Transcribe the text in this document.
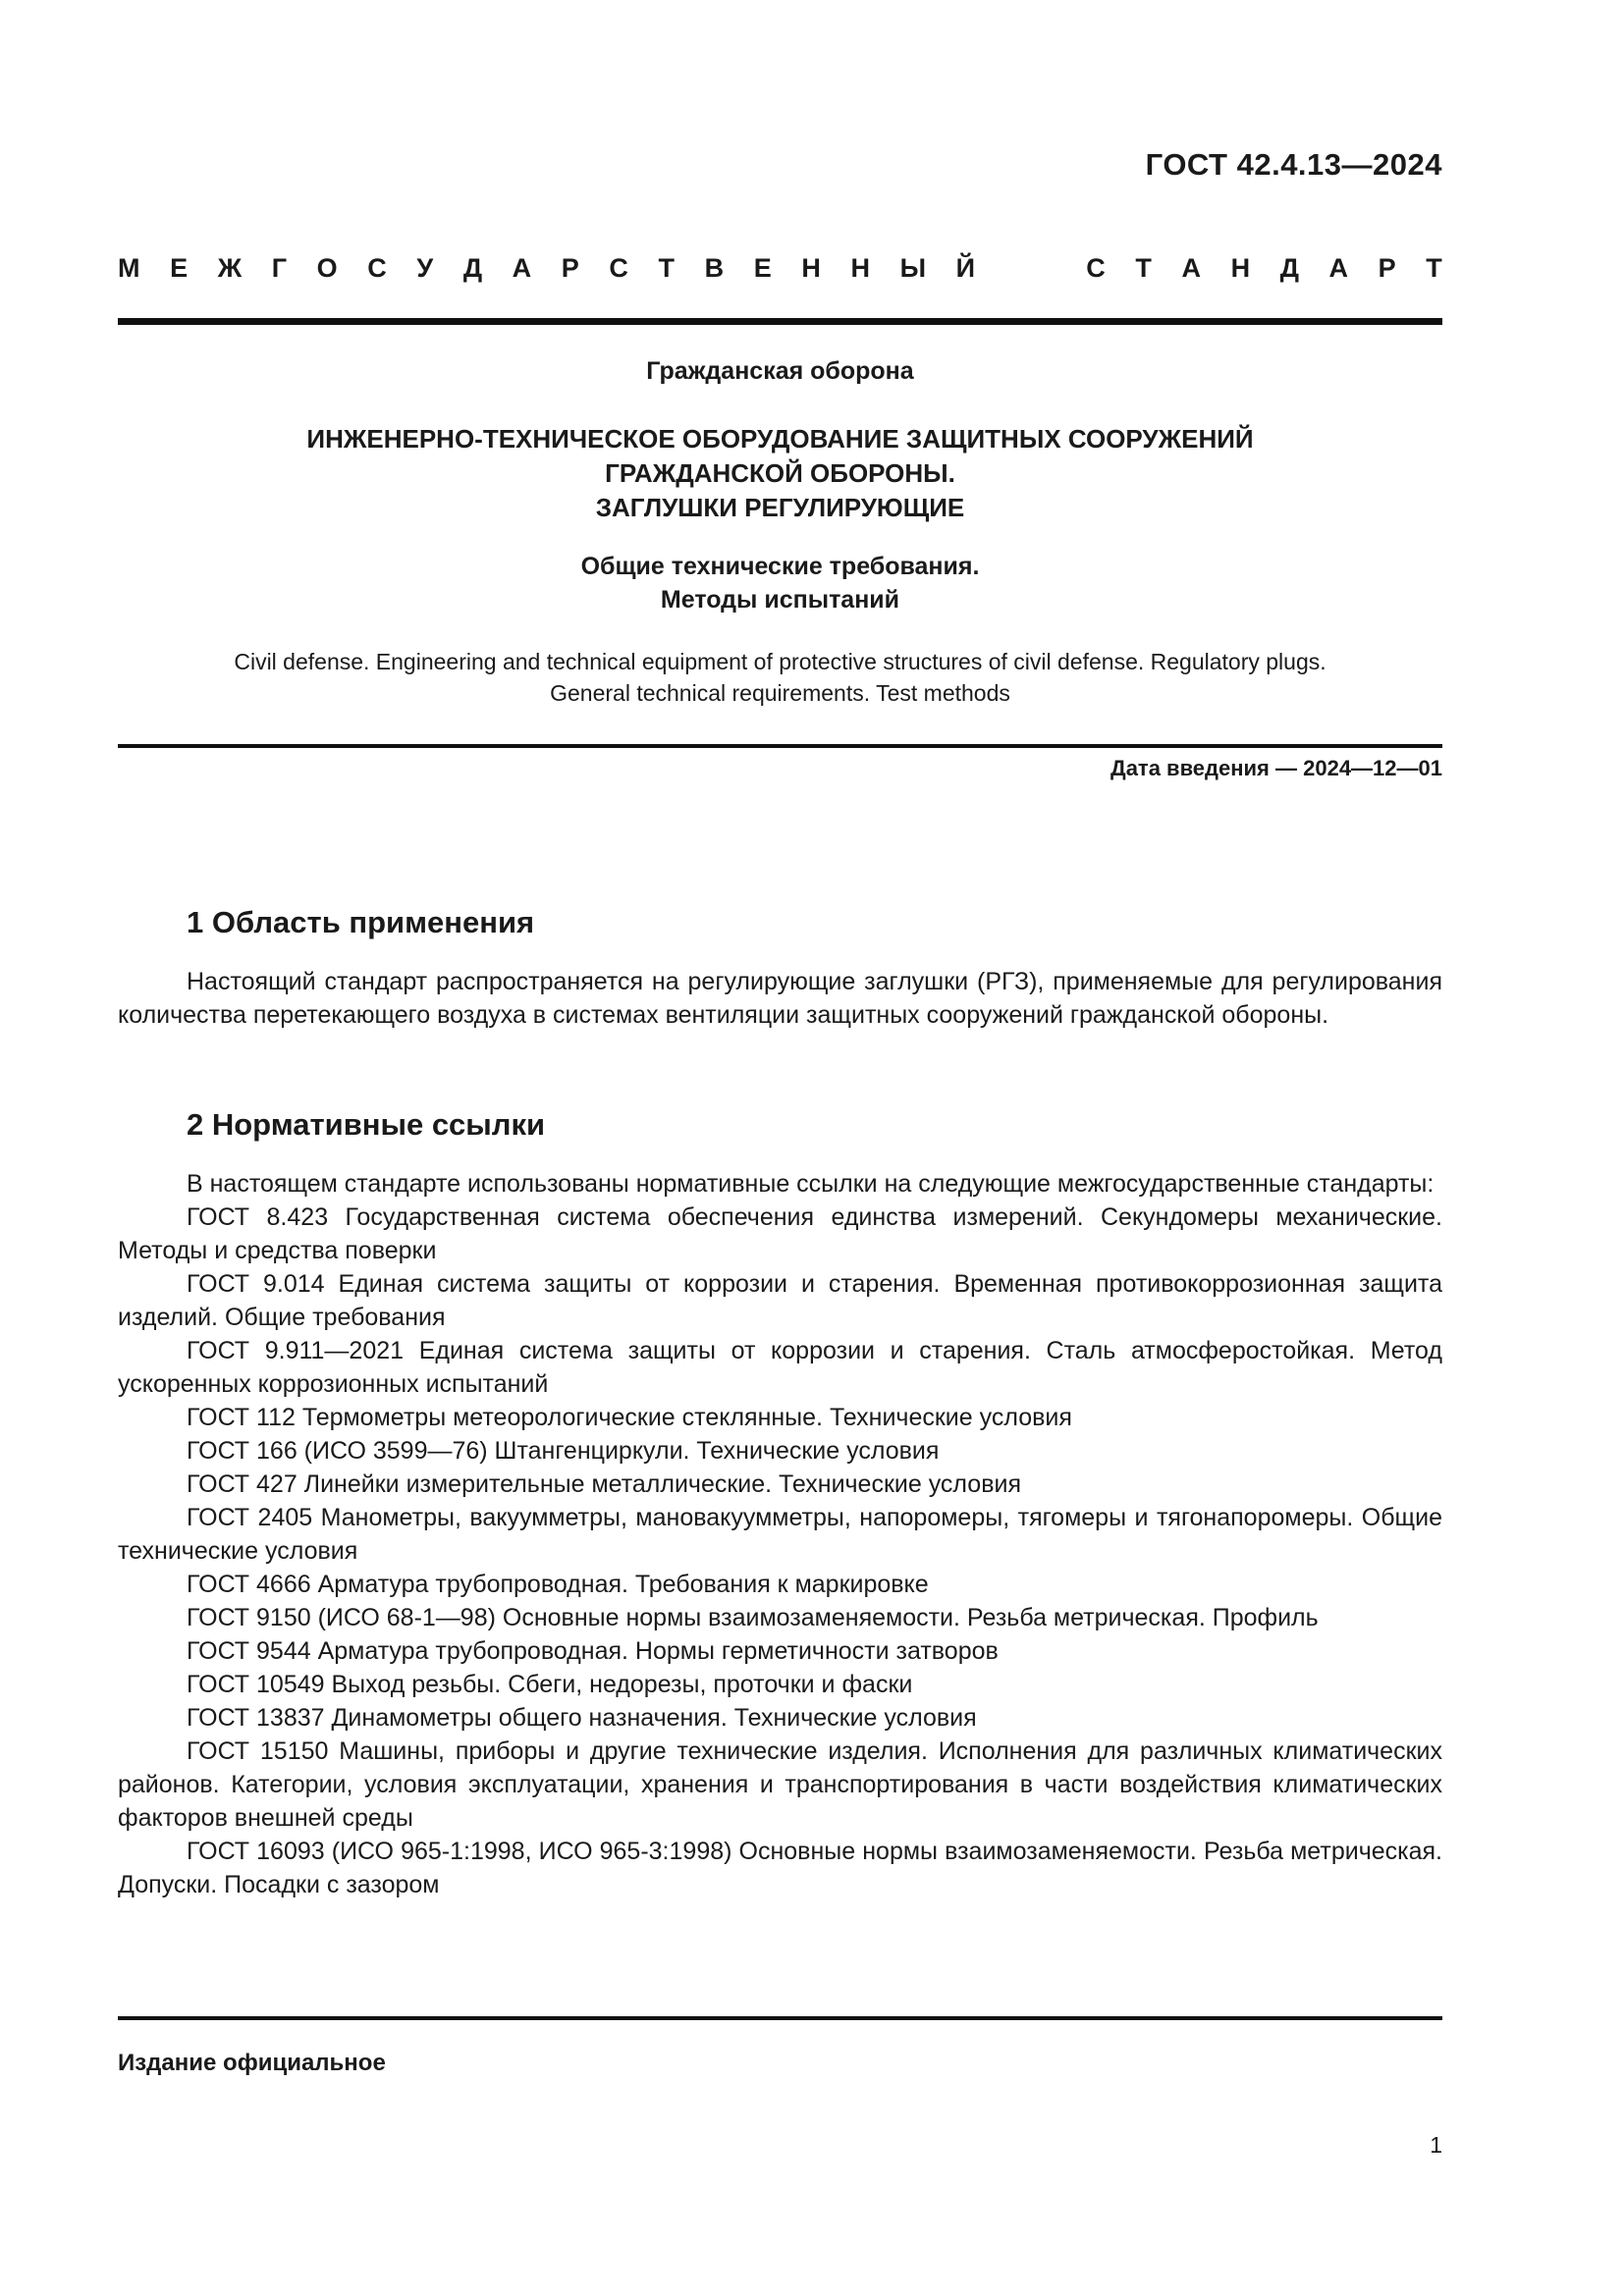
ГОСТ 42.4.13—2024
М Е Ж Г О С У Д А Р С Т В Е Н Н Ы Й	С Т А Н Д А Р Т
Гражданская оборона
ИНЖЕНЕРНО-ТЕХНИЧЕСКОЕ ОБОРУДОВАНИЕ ЗАЩИТНЫХ СООРУЖЕНИЙ
ГРАЖДАНСКОЙ ОБОРОНЫ.
ЗАГЛУШКИ РЕГУЛИРУЮЩИЕ
Общие технические требования.
Методы испытаний
Civil defense. Engineering and technical equipment of protective structures of civil defense. Regulatory plugs.
General technical requirements. Test methods
Дата введения — 2024—12—01
1 Область применения

Настоящий стандарт распространяется на регулирующие заглушки (РГЗ), применяемые для регулирования количества перетекающего воздуха в системах вентиляции защитных сооружений гражданской обороны.

2 Нормативные ссылки

В настоящем стандарте использованы нормативные ссылки на следующие межгосударственные стандарты:

ГОСТ 8.423 Государственная система обеспечения единства измерений. Секундомеры механические. Методы и средства поверки

ГОСТ 9.014 Единая система защиты от коррозии и старения. Временная противокоррозионная защита изделий. Общие требования

ГОСТ 9.911—2021 Единая система защиты от коррозии и старения. Сталь атмосферостойкая. Метод ускоренных коррозионных испытаний

ГОСТ 112 Термометры метеорологические стеклянные. Технические условия

ГОСТ 166 (ИСО 3599—76) Штангенциркули. Технические условия

ГОСТ 427 Линейки измерительные металлические. Технические условия

ГОСТ 2405 Манометры, вакуумметры, мановакуумметры, напоромеры, тягомеры и тягонапоромеры. Общие технические условия

ГОСТ 4666 Арматура трубопроводная. Требования к маркировке

ГОСТ 9150 (ИСО 68-1—98) Основные нормы взаимозаменяемости. Резьба метрическая. Профиль

ГОСТ 9544 Арматура трубопроводная. Нормы герметичности затворов

ГОСТ 10549 Выход резьбы. Сбеги, недорезы, проточки и фаски

ГОСТ 13837 Динамометры общего назначения. Технические условия

ГОСТ 15150 Машины, приборы и другие технические изделия. Исполнения для различных климатических районов. Категории, условия эксплуатации, хранения и транспортирования в части воздействия климатических факторов внешней среды

ГОСТ 16093 (ИСО 965-1:1998, ИСО 965-3:1998) Основные нормы взаимозаменяемости. Резьба метрическая. Допуски. Посадки с зазором

Издание официальное
1
